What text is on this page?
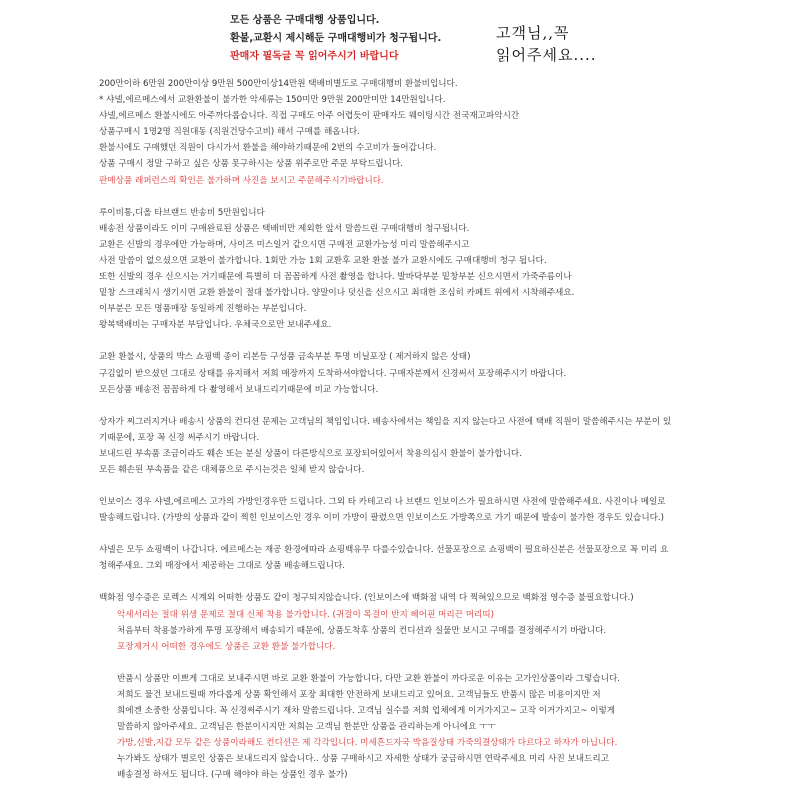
모든 상품은 구매대행 상품입니다.
환불,교환시 제시해둔 구매대행비가 청구됩니다.
판매자 필독글 꼭 읽어주시기 바랍니다
고객님,,꼭
읽어주세요....
200만이하 6만원 200만이상 9만원 500만이상14만원 택배비별도로 구매대행비 환불비입니다.
* 샤넬,에르메스에서 교환환불이 불가한 악세류는 150미만 9만원 200만미만 14만원입니다.
샤넬,에르메스 환불시에도 아주까다롭습니다. 직접 구매도 아주 어렵듯이 판매자도 웨이팅시간 전국재고파악시간
상품구매시 1명2명 직원대동 (직원건당수고비) 해서 구매를 해옵니다.
환불시에도 구매했던 직원이 다시가서 환불을 해야하기때문에 2번의 수고비가 들어갑니다.
상품 구매시 정말 구하고 싶은 상품 못구하시는 상품 위주로만 주문 부탁드립니다.
판매상품 레퍼런스의 확인은 불가하며 사진을 보시고 주문해주시기바랍니다.
루이비통,디올 타브랜드 반송비 5만원입니다
배송전 상품이라도 이미 구매완료된 상품은 택배비만 제외한 앞서 말씀드린 구매대행비 청구됩니다.
교환은 신발의 경우에만 가능하며, 사이즈 미스일거 같으시면 구매전 교환가능성 미리 말씀해주시고
사전 말씀이 없으셨으면 교환이 불가합니다. 1회만 가능 1회 교환후 교환 환불 불가 교환시에도 구매대행비 청구 됩니다.
또한 신발의 경우 신으시는 거기때문에 특별히 더 꼼꼼하게 사전 촬영을 합니다. 발바닥부분 밑창부분 신으시면서 가죽주름이나
밑창 스크래치시 생기시면 교환 환불이 절대 불가합니다. 양말이나 덧신을 신으시고 최대한 조심히 카페트 위에서 시착해주세요.
이부분은 모든 명품매장 동일하게 진행하는 부분입니다.
왕복택배비는 구매자분 부담입니다. 우체국으로만 보내주세요.
교환 환불시, 상품의 박스 쇼핑백 종이 리본등 구성품 금속부분 투명 비닐포장 ( 제거하지 않은 상태)
구김없이 받으셨던 그대로 상태를 유지해서 저희 매장까지 도착하셔야합니다. 구매자분께서 신경써서 포장해주시기 바랍니다.
모든상품 배송전 꼼꼼하게 다 촬영해서 보내드리기때문에 비교 가능합니다.
상자가 찌그러지거나 배송시 상품의 컨디션 문제는 고객님의 책임입니다. 배송사에서는 책임을 지지 않는다고 사전에 택배 직원이 말씀해주시는 부분이 있
기때문에, 포장 꼭 신경 써주시기 바랍니다.
보내드린 부속품 조금이라도 훼손 또는 분실 상품이 다른방식으로 포장되어있어서 착용의심시 환불이 불가합니다.
모든 훼손된 부속품을 같은 대체품으로 주시는것은 일체 받지 않습니다.
인보이스 경우 샤넬,에르메스 고가의 가방인경우만 드립니다. 그외 타 카테고리 나 브랜드 인보이스가 필요하시면 사전에 말씀해주세요. 사진이나 메일로
발송해드립니다. (가방의 상품과 같이 찍힌 인보이스인 경우 이미 가방이 팔렸으면 인보이스도 가방쪽으로 가기 때문에 발송이 불가한 경우도 있습니다.)
샤넬은 모두 쇼핑백이 나갑니다. 에르메스는 재공 환경에따라 쇼핑백유무 다를수있습니다. 선물포장으로 쇼핑백이 필요하신분은 선물포장으로 꼭 미리 요
청해주세요. 그외 매장에서 제공하는 그대로 상품 배송해드립니다.
백화점 영수증은 로렉스 시계외 어떠한 상품도 같이 청구되지않습니다. (인보이스에 백화점 내역 다 찍혀있으므로 백화점 영수증 불필요합니다.)
악세서리는 절대 위생 문제로 절대 신체 착용 불가합니다. (귀걸이 목걸이 반지 헤어핀 머리끈 머리띠)
처음부터 착용불가하게 투명 포장해서 배송되기 때문에, 상품도착후 상품의 컨디션과 실물만 보시고 구매를 결정해주시기 바랍니다.
포장제거시 어떠한 경우에도 상품은 교환 환불 불가합니다.
반품시 상품만 이쁘게 그대로 보내주시면 바로 교환 환불이 가능합니다, 다만 교환 환불이 까다로운 이유는 고가인상품이라 그렇습니다.
저희도 물건 보내드릴때 까다롭게 상품 확인해서 포장 최대한 안전하게 보내드리고 있어요. 고객님들도 반품시 많은 비용이지만 저
희에겐 소중한 상품입니다. 꼭 신경써주시기 재차 말씀드립니다. 고객님 실수를 저희 업체에게 이거가지고~ 고작 이거가지고~ 이렇게
말씀하지 않아주세요. 고객님은 한분이시지만 저희는 고객님 한분만 상품을 관리하는게 아니에요 ㅜㅜ
가방,신발,지갑 모두 같은 상품이라해도 컨디션은 제 각각입니다. 미세흔드자국 박음질상태 가죽의결상태가 다르다고 하자가 아닙니다.
누가봐도 상태가 별로인 상품은 보내드리지 않습니다.. 상품 구매하시고 자세한 상태가 궁금하시면 연락주세요 미리 사진 보내드리고
배송결정 하셔도 됩니다. (구매 해야야 하는 상품인 경우 불가)
